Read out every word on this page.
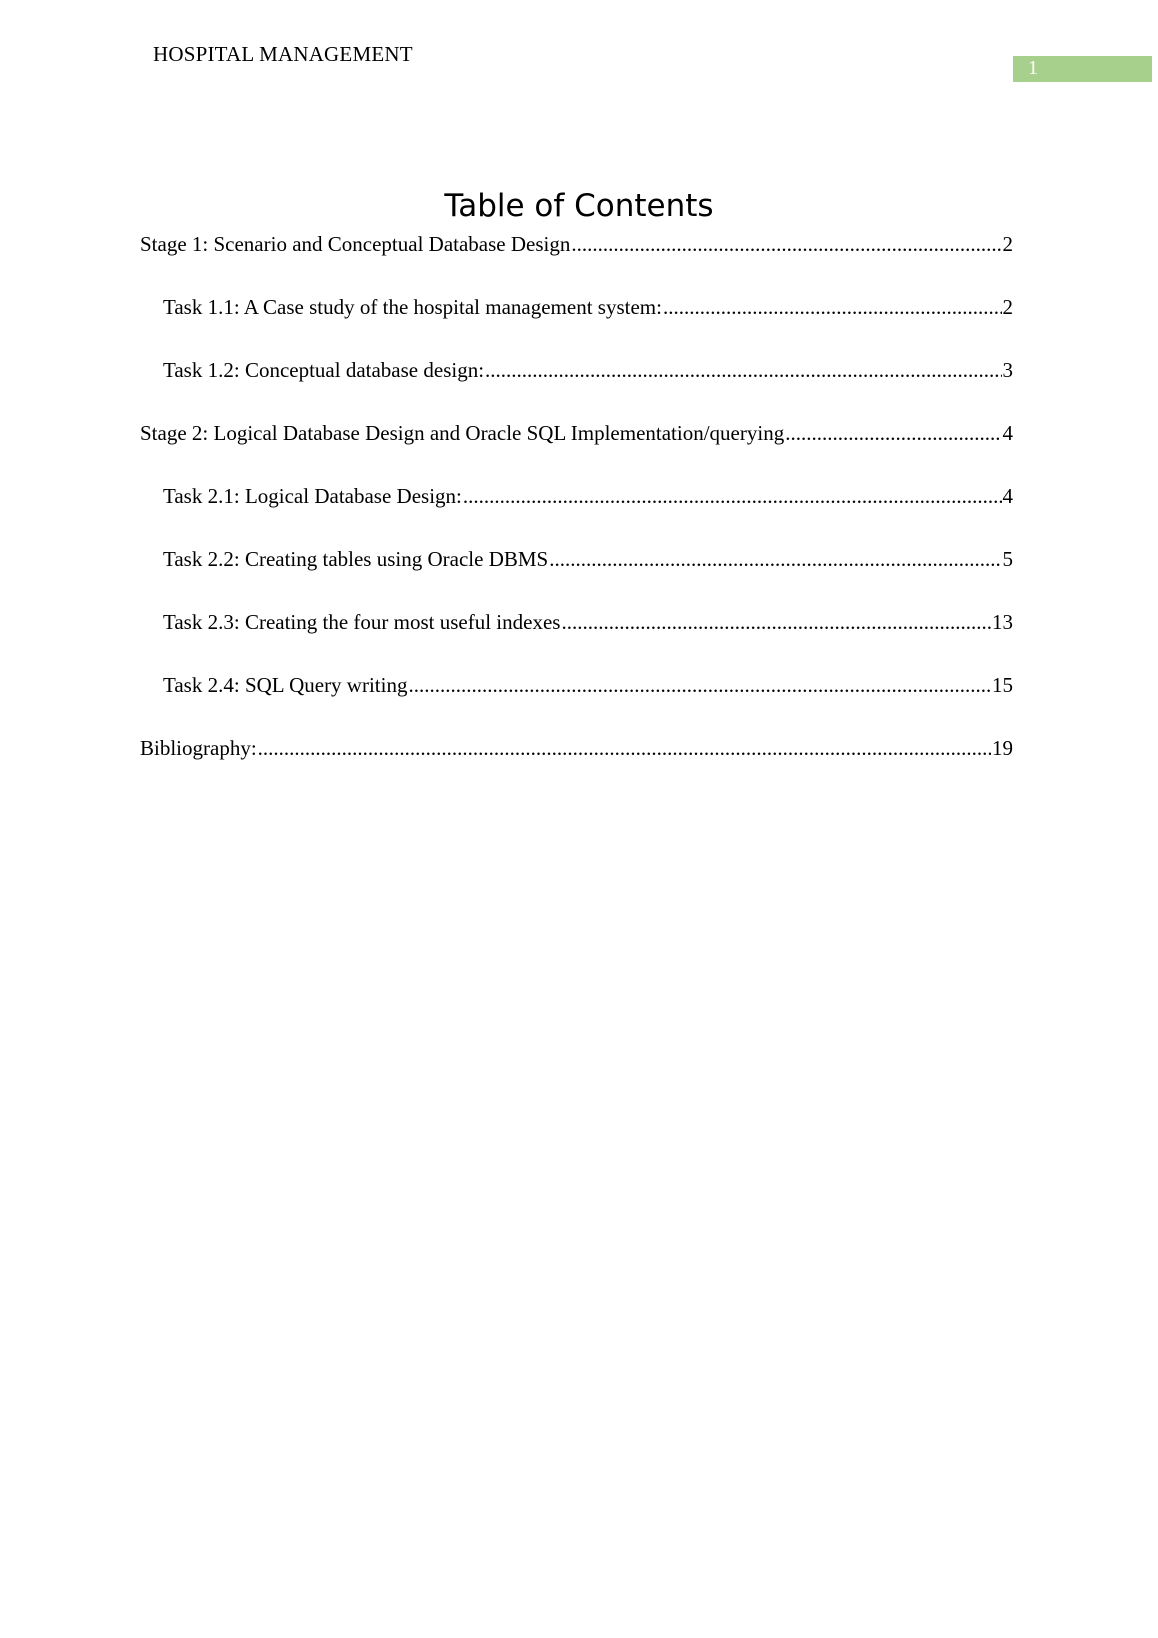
HOSPITAL MANAGEMENT
1
Table of Contents
Stage 1: Scenario and Conceptual Database Design .....	2
Task 1.1: A Case study of the hospital management system: .....	2
Task 1.2: Conceptual database design: .....	3
Stage 2: Logical Database Design and Oracle SQL Implementation/querying .....	4
Task 2.1: Logical Database Design: .....	4
Task 2.2: Creating tables using Oracle DBMS .....	5
Task 2.3: Creating the four most useful indexes .....	13
Task 2.4: SQL Query writing .....	15
Bibliography: .....	19
